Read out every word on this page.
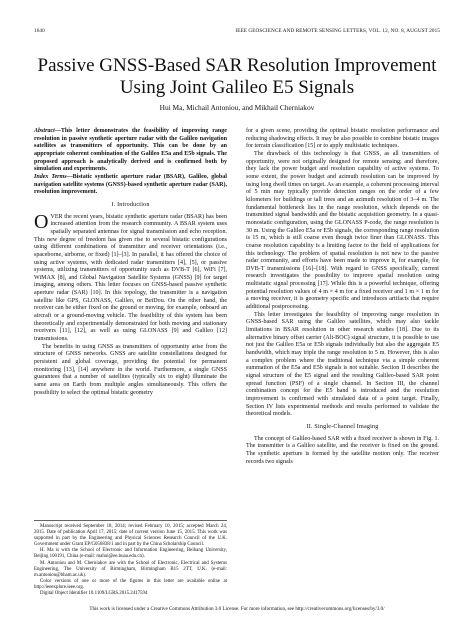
1640	IEEE GEOSCIENCE AND REMOTE SENSING LETTERS, VOL. 12, NO. 8, AUGUST 2015
Passive GNSS-Based SAR Resolution Improvement Using Joint Galileo E5 Signals
Hui Ma, Michail Antoniou, and Mikhail Cherniakov

Abstract—This letter demonstrates the feasibility of improving range resolution in passive synthetic aperture radar with the Galileo navigation satellites as transmitters of opportunity. This can be done by an appropriate coherent combination of the Galileo E5a and E5b signals. The proposed approach is analytically derived and is confirmed both by simulation and experiments.

Index Terms—Bistatic synthetic aperture radar (BSAR), Galileo, global navigation satellite systems (GNSS)-based synthetic aperture radar (SAR), resolution improvement.

I. Introduction

OVER the recent years, bistatic synthetic aperture radar (BSAR) has been increased attention from the research community. A BSAR system uses spatially separated antennas for signal transmission and echo reception. This new degree of freedom has given rise to several bistatic configurations using different combinations of transmitter and receiver orientations (i.e., spaceborne, airborne, or fixed) [1]–[3]. In parallel, it has offered the choice of using active systems, with dedicated radar transmitters [4], [5], or passive systems, utilizing transmitters of opportunity such as DVB-T [6], WiFi [7], WiMAX [8], and Global Navigation Satellite Systems (GNSS) [9] for target imaging, among others. This letter focuses on GNSS-based passive synthetic aperture radar (SAR) [10]. In this topology, the transmitter is a navigation satellite like GPS, GLONASS, Galileo, or BeiDou. On the other hand, the receiver can be either fixed on the ground or moving, for example, onboard an aircraft or a ground-moving vehicle. The feasibility of this system has been theoretically and experimentally demonstrated for both moving and stationary receivers [11], [12], as well as using GLONASS [9] and Galileo [12] transmissions.

The benefits in using GNSS as transmitters of opportunity arise from the structure of GNSS networks. GNSS are satellite constellations designed for persistent and global coverage, providing the potential for permanent monitoring [13], [14] anywhere in the world. Furthermore, a single GNSS guarantees that a number of satellites (typically six to eight) illuminate the same area on Earth from multiple angles simultaneously. This offers the possibility to select the optimal bistatic geometry

Manuscript received September 18, 2014; revised February 10, 2015; accepted March 24, 2015. Date of publication April 17, 2015; date of current version June 15, 2015. This work was supported in part by the Engineering and Physical Sciences Research Council of the U.K. Government under Grant EP/G056838/1 and in part by the China Scholarship Council.

H. Ma is with the School of Electronic and Information Engineering, Beihang University, Beijing 100191, China (e-mail: mahui@ee.buaa.edu.cn).

M. Antoniou and M. Cherniakov are with the School of Electronic, Electrical and Systems Engineering, The University of Birmingham, Birmingham B15 2TT, U.K. (e-mail: m.antoniou@bham.ac.uk).

Color versions of one or more of the figures in this letter are available online at http://ieeexplore.ieee.org.

Digital Object Identifier 10.1109/LGRS.2015.2417594

for a given scene, providing the optimal bistatic resolution performance and reducing shadowing effects. It may be also possible to combine bistatic images for terrain classification [15] or to apply multistatic techniques.

The drawback of this technology is that GNSS, as all transmitters of opportunity, were not originally designed for remote sensing; and therefore, they lack the power budget and resolution capability of active systems. To some extent, the power budget and azimuth resolution can be improved by using long dwell times on target. As an example, a coherent processing interval of 5 min may typically provide detection ranges on the order of a few kilometers for buildings or tall trees and an azimuth resolution of 3–4 m. The fundamental bottleneck lies in the range resolution, which depends on the transmitted signal bandwidth and the bistatic acquisition geometry. In a quasi-monostatic configuration, using the GLONASS P-code, the range resolution is 30 m. Using the Galileo E5a or E5b signals, the corresponding range resolution is 15 m, which is still coarse even though twice finer than GLONASS. This coarse resolution capability is a limiting factor to the field of applications for this technology. The problem of spatial resolution is not new to the passive radar community, and efforts have been made to improve it, for example, for DVB-T transmissions [16]–[18]. With regard to GNSS specifically, current research investigates the possibility to improve spatial resolution using multistatic signal processing [17]. While this is a powerful technique, offering potential resolution values of 4 m × 4 m for a fixed receiver and 1 m × 1 m for a moving receiver, it is geometry specific and introduces artifacts that require additional postprocessing.

This letter investigates the feasibility of improving range resolution in GNSS-based SAR using the Galileo satellites, which may also tackle limitations in BSAR resolution in other research studies [18]. Due to its alternative binary offset carrier (Alt-BOC) signal structure, it is possible to use not just the Galileo E5a or E5b signals individually but also the aggregate E5 bandwidth, which may triple the range resolution to 5 m. However, this is also a complex problem where the traditional technique via a simple coherent summation of the E5a and E5b signals is not suitable. Section II describes the signal structure of the E5 signal and the resulting Galileo-based SAR point spread function (PSF) of a single channel. In Section III, the channel combination concept for the E5 band is introduced and the resolution improvement is confirmed with simulated data of a point target. Finally, Section IV lists experimental methods and results performed to validate the theoretical models.

II. Single-Channel Imaging

The concept of Galileo-based SAR with a fixed receiver is shown in Fig. 1. The transmitter is a Galileo satellite, and the receiver is fixed on the ground. The synthetic aperture is formed by the satellite motion only. The receiver records two signals

This work is licensed under a Creative Commons Attribution 3.0 License. For more information, see http://creativecommons.org/licenses/by/3.0/
